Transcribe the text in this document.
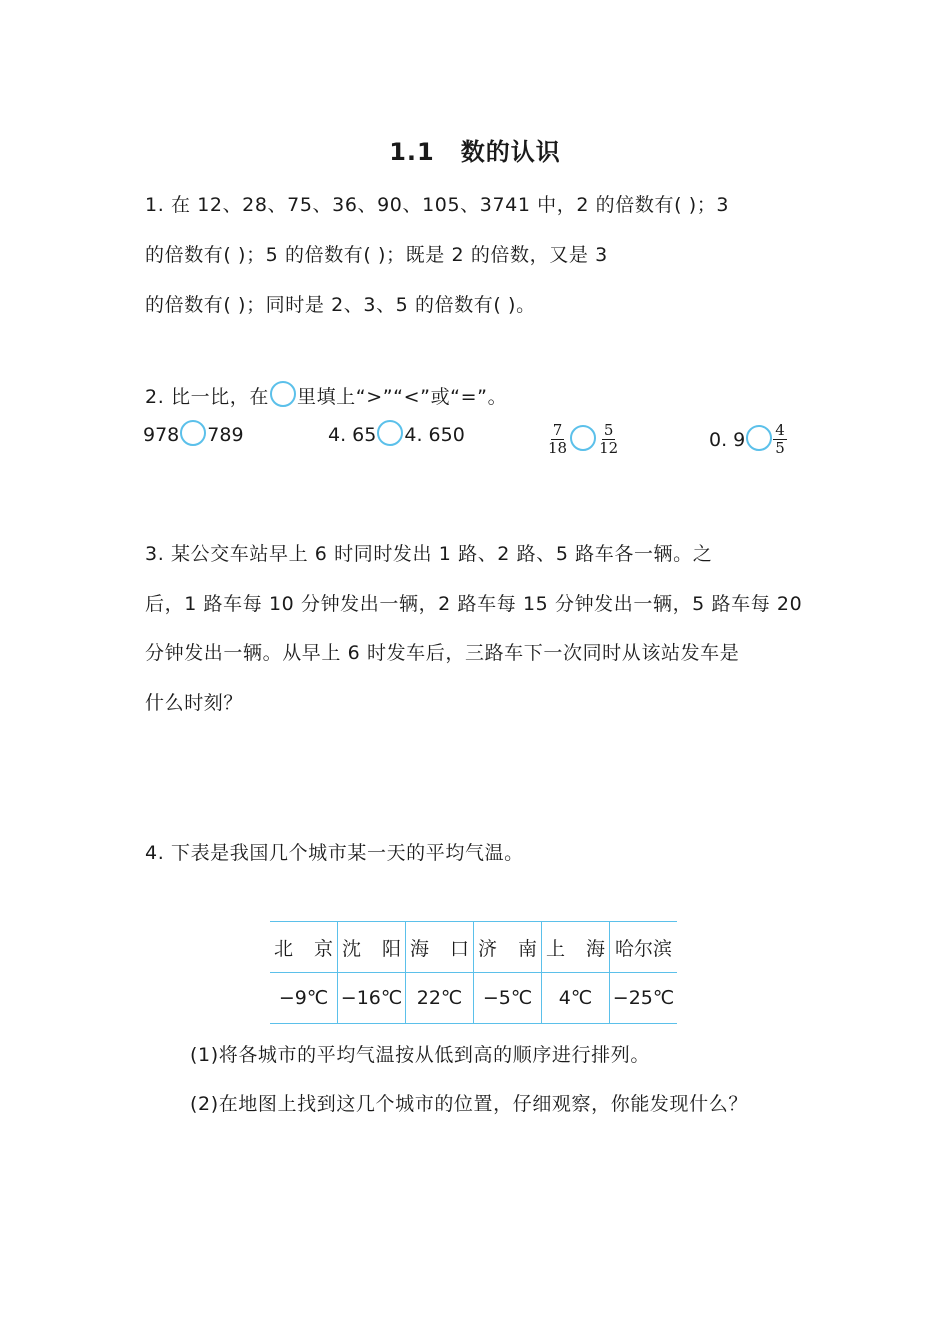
1.1 数的认识
1. 在 12、28、75、36、90、105、3741 中，2 的倍数有( )；3
的倍数有( )；5 的倍数有( )；既是 2 的倍数，又是 3
的倍数有( )；同时是 2、3、5 的倍数有( )。
2. 比一比，在 里填上“>”“<”或“=”。
978 789	4. 65 4. 650	$\frac{7}{18} \frac{5}{12}$	0. $9 \frac{4}{5}$
3. 某公交车站早上 6 时同时发出 1 路、2 路、5 路车各一辆。之
后，1 路车每 10 分钟发出一辆，2 路车每 15 分钟发出一辆，5 路车每 20
分钟发出一辆。从早上 6 时发车后，三路车下一次同时从该站发车是
什么时刻？
4. 下表是我国几个城市某一天的平均气温。
北 京	沈 阳	海 口	济 南	上 海	哈尔滨
−9℃	−16℃	22℃	−5℃	4℃	−25℃
(1)将各城市的平均气温按从低到高的顺序进行排列。
(2)在地图上找到这几个城市的位置，仔细观察，你能发现什么？
